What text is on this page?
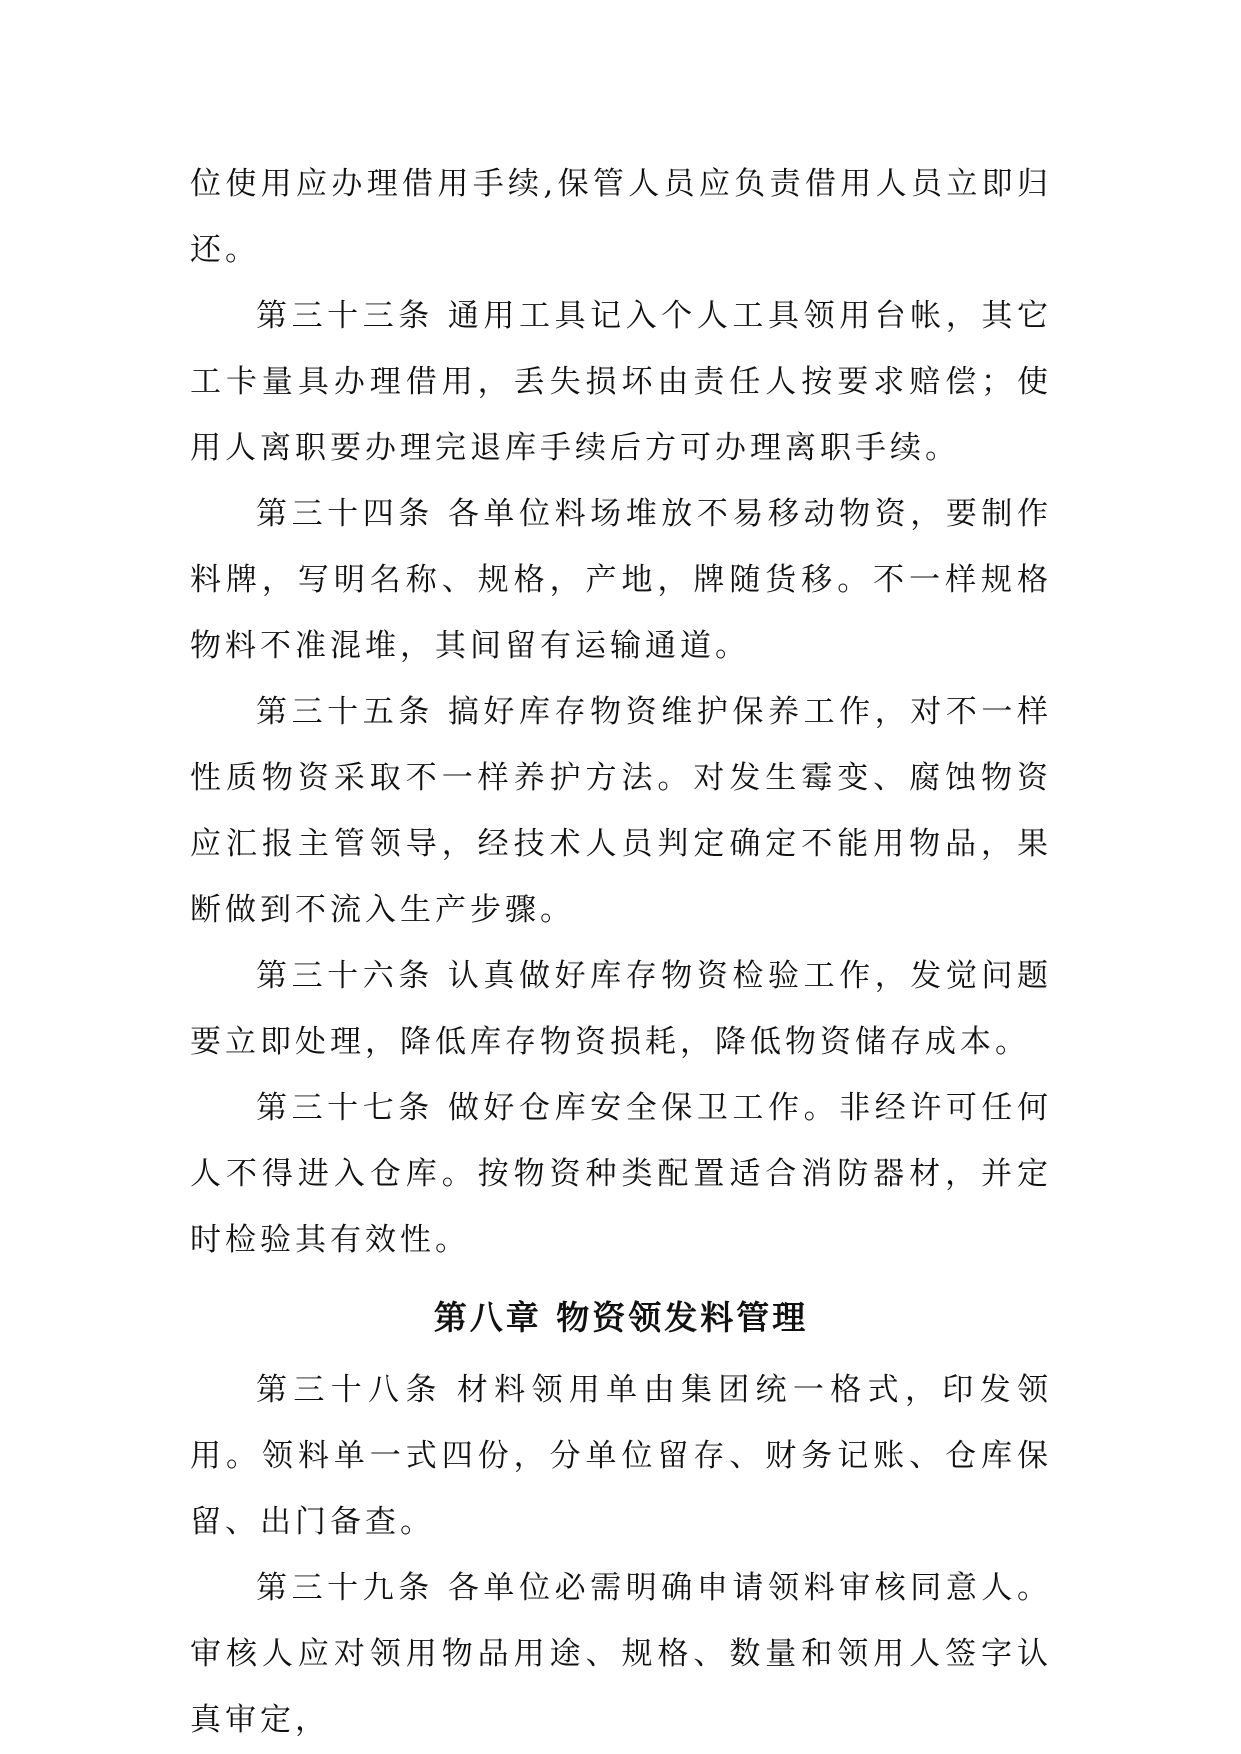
位使用应办理借用手续,保管人员应负责借用人员立即归还。

第三十三条 通用工具记入个人工具领用台帐，其它工卡量具办理借用，丢失损坏由责任人按要求赔偿；使用人离职要办理完退库手续后方可办理离职手续。

第三十四条 各单位料场堆放不易移动物资，要制作料牌，写明名称、规格，产地，牌随货移。不一样规格物料不准混堆，其间留有运输通道。

第三十五条 搞好库存物资维护保养工作，对不一样性质物资采取不一样养护方法。对发生霉变、腐蚀物资应汇报主管领导，经技术人员判定确定不能用物品，果断做到不流入生产步骤。

第三十六条 认真做好库存物资检验工作，发觉问题要立即处理，降低库存物资损耗，降低物资储存成本。

第三十七条 做好仓库安全保卫工作。非经许可任何人不得进入仓库。按物资种类配置适合消防器材，并定时检验其有效性。

第八章 物资领发料管理

第三十八条 材料领用单由集团统一格式，印发领用。领料单一式四份，分单位留存、财务记账、仓库保留、出门备查。

第三十九条 各单位必需明确申请领料审核同意人。审核人应对领用物品用途、规格、数量和领用人签字认真审定，
